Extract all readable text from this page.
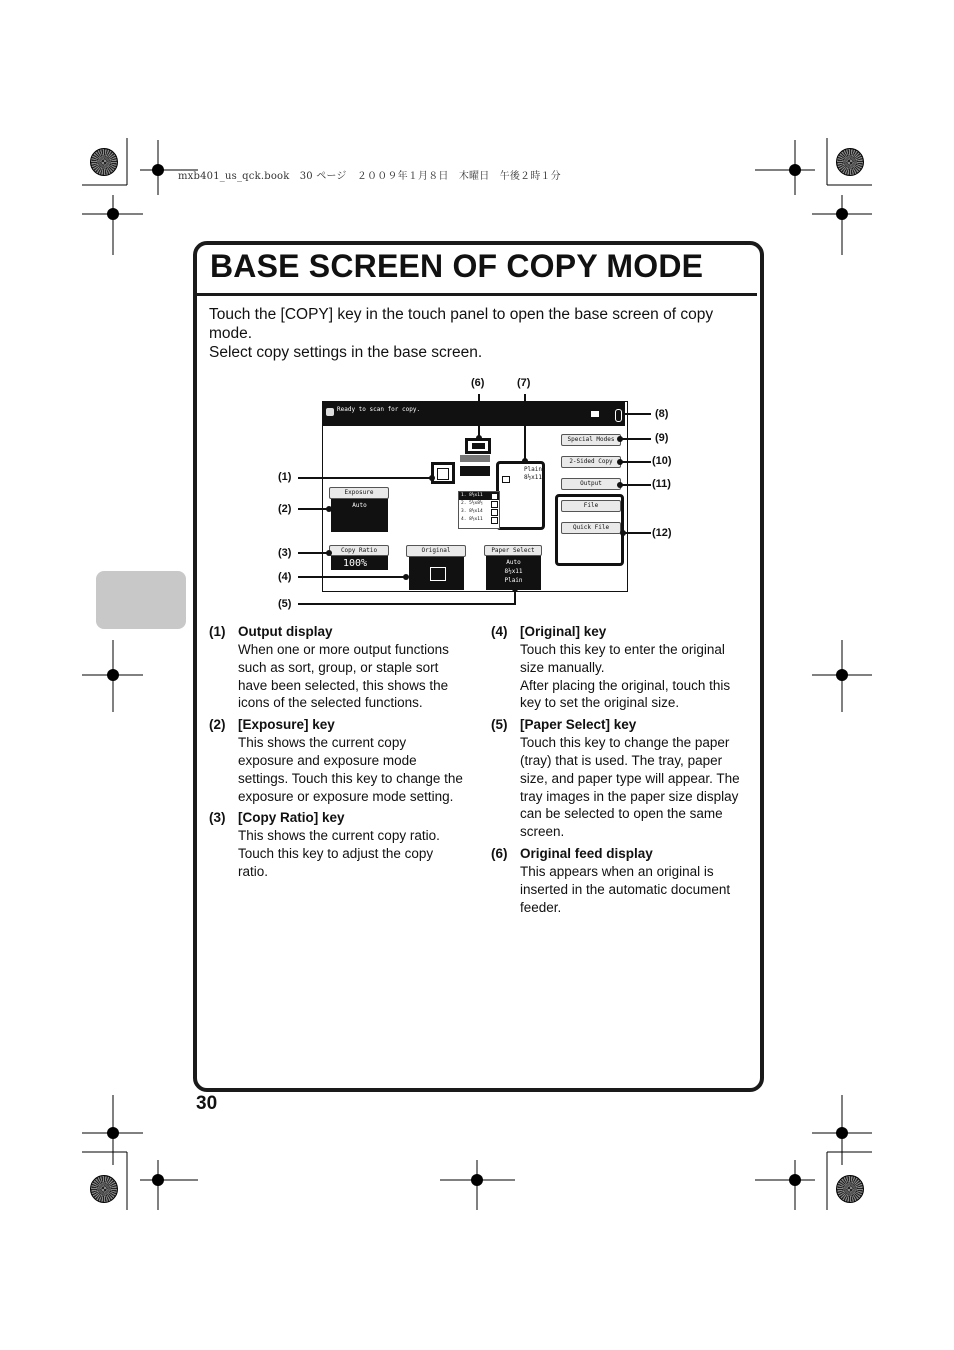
mxb401_us_qck.book　30 ページ　２００９年１月８日　木曜日　午後２時１分
BASE SCREEN OF COPY MODE

Touch the [COPY] key in the touch panel to open the base screen of copy mode.

Select copy settings in the base screen.

Ready to scan for copy.
Special Modes
2-Sided Copy
Output
File
Quick File
Exposure
Auto
Copy Ratio
100%
Original	Paper Select
Auto
8½x11
Plain
Plain
8½x11
1. 8½x11
2. 5½x8½
3. 8½x14
4. 8½x11
(1)
(2)
(3)
(4)
(5)
(6)	(7)
(8)
(9)
(10)
(11)
(12)
(1) Output display

When one or more output functions such as sort, group, or staple sort have been selected, this shows the icons of the selected functions.

(2) [Exposure] key

This shows the current copy exposure and exposure mode settings. Touch this key to change the exposure or exposure mode setting.

(3) [Copy Ratio] key

This shows the current copy ratio. Touch this key to adjust the copy ratio.

(4) [Original] key

Touch this key to enter the original size manually.

After placing the original, touch this key to set the original size.

(5) [Paper Select] key

Touch this key to change the paper (tray) that is used. The tray, paper size, and paper type will appear. The tray images in the paper size display can be selected to open the same screen.

(6) Original feed display

This appears when an original is inserted in the automatic document feeder.

30
